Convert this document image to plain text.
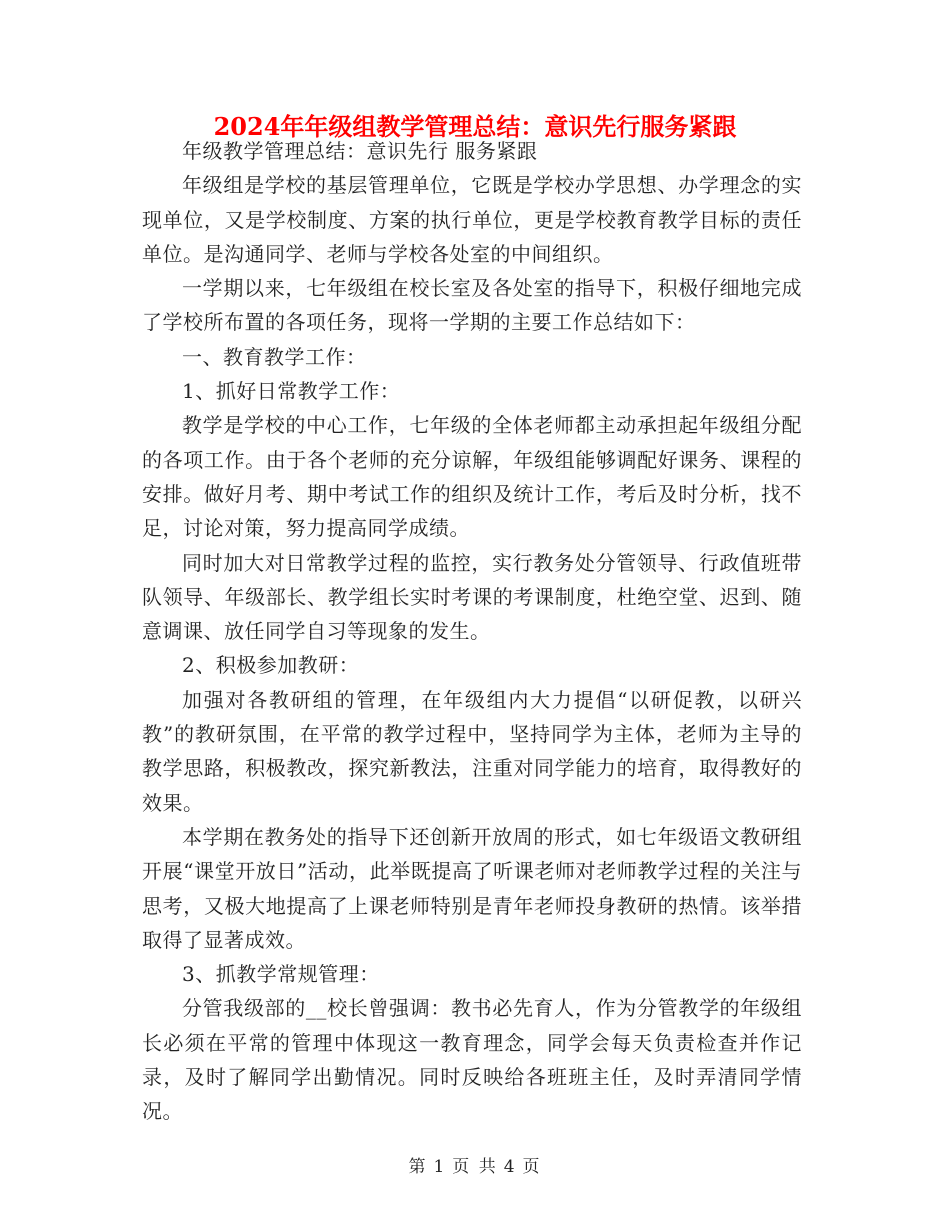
2024年年级组教学管理总结：意识先行服务紧跟

年级教学管理总结：意识先行 服务紧跟

年级组是学校的基层管理单位，它既是学校办学思想、办学理念的实现单位，又是学校制度、方案的执行单位，更是学校教育教学目标的责任单位。是沟通同学、老师与学校各处室的中间组织。

一学期以来，七年级组在校长室及各处室的指导下，积极仔细地完成了学校所布置的各项任务，现将一学期的主要工作总结如下：

一、教育教学工作：

1、抓好日常教学工作：

教学是学校的中心工作，七年级的全体老师都主动承担起年级组分配的各项工作。由于各个老师的充分谅解，年级组能够调配好课务、课程的安排。做好月考、期中考试工作的组织及统计工作，考后及时分析，找不足，讨论对策，努力提高同学成绩。

同时加大对日常教学过程的监控，实行教务处分管领导、行政值班带队领导、年级部长、教学组长实时考课的考课制度，杜绝空堂、迟到、随意调课、放任同学自习等现象的发生。

2、积极参加教研：

加强对各教研组的管理，在年级组内大力提倡“以研促教，以研兴教”的教研氛围，在平常的教学过程中，坚持同学为主体，老师为主导的教学思路，积极教改，探究新教法，注重对同学能力的培育，取得教好的效果。

本学期在教务处的指导下还创新开放周的形式，如七年级语文教研组开展“课堂开放日”活动，此举既提高了听课老师对老师教学过程的关注与思考，又极大地提高了上课老师特别是青年老师投身教研的热情。该举措取得了显著成效。

3、抓教学常规管理：

分管我级部的__校长曾强调：教书必先育人，作为分管教学的年级组长必须在平常的管理中体现这一教育理念，同学会每天负责检查并作记录，及时了解同学出勤情况。同时反映给各班班主任，及时弄清同学情况。

第 1 页 共 4 页
